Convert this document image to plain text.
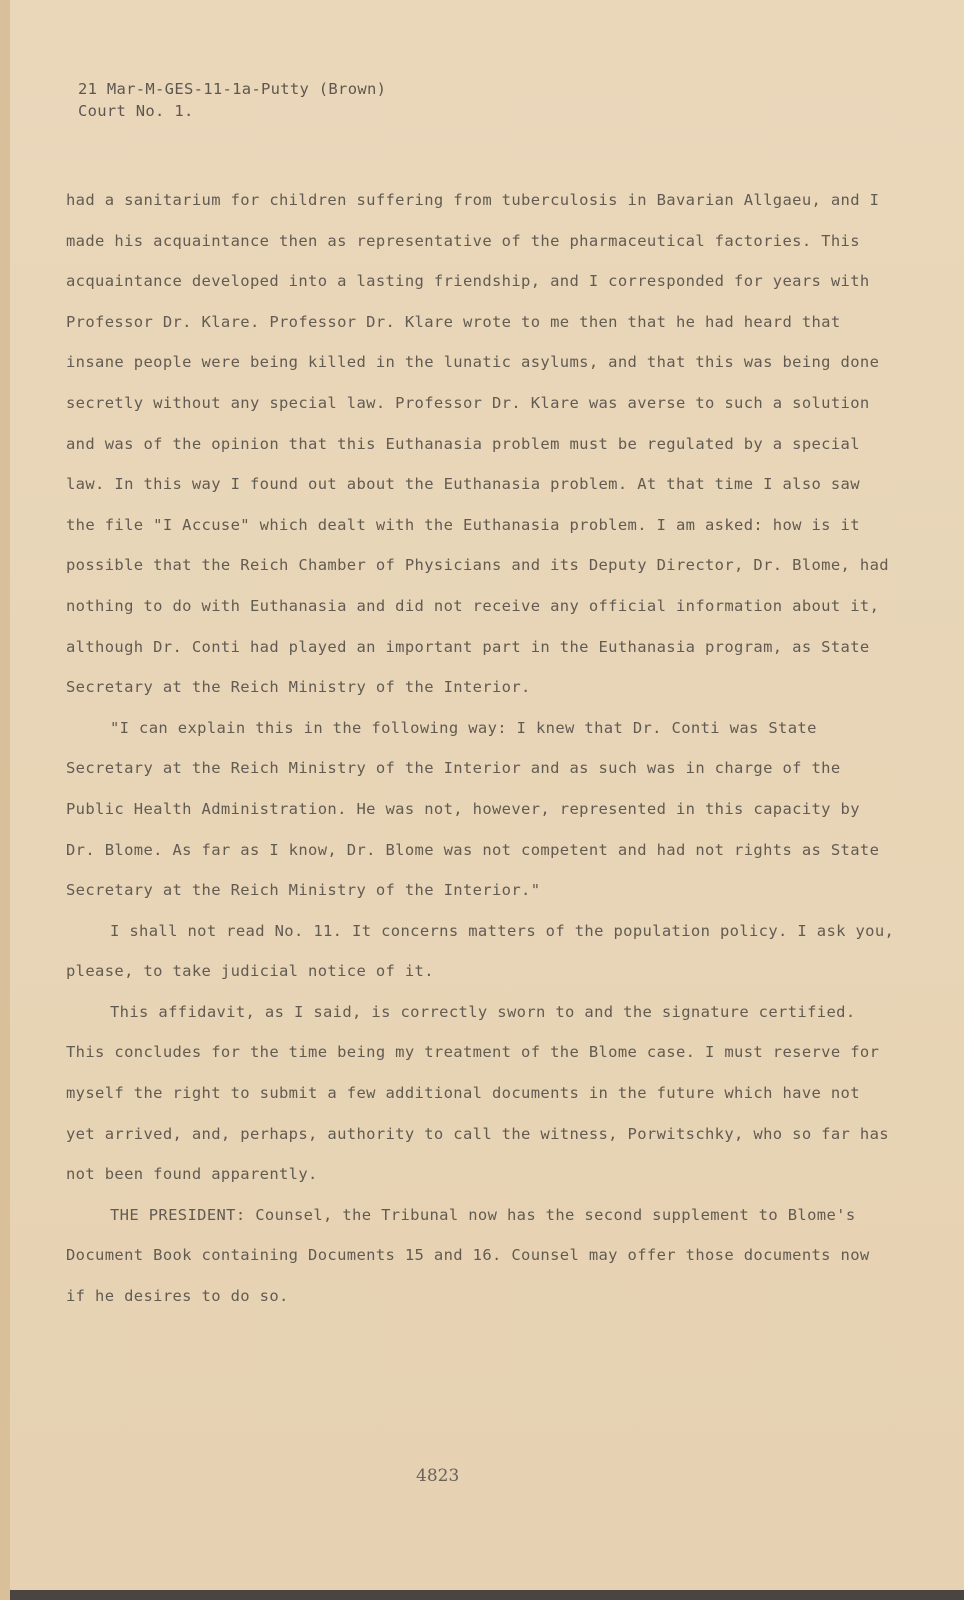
21 Mar-M-GES-11-1a-Putty (Brown)
Court No. 1.

had a sanitarium for children suffering from tuberculosis in Bavarian Allgaeu, and I made his acquaintance then as representative of the pharmaceutical factories. This acquaintance developed into a lasting friendship, and I corresponded for years with Professor Dr. Klare. Professor Dr. Klare wrote to me then that he had heard that insane people were being killed in the lunatic asylums, and that this was being done secretly without any special law. Professor Dr. Klare was averse to such a solution and was of the opinion that this Euthanasia problem must be regulated by a special law. In this way I found out about the Euthanasia problem. At that time I also saw the file "I Accuse" which dealt with the Euthanasia problem. I am asked: how is it possible that the Reich Chamber of Physicians and its Deputy Director, Dr. Blome, had nothing to do with Euthanasia and did not receive any official information about it, although Dr. Conti had played an important part in the Euthanasia program, as State Secretary at the Reich Ministry of the Interior.

"I can explain this in the following way: I knew that Dr. Conti was State Secretary at the Reich Ministry of the Interior and as such was in charge of the Public Health Administration. He was not, however, represented in this capacity by Dr. Blome. As far as I know, Dr. Blome was not competent and had not rights as State Secretary at the Reich Ministry of the Interior."

I shall not read No. 11. It concerns matters of the population policy. I ask you, please, to take judicial notice of it.

This affidavit, as I said, is correctly sworn to and the signature certified. This concludes for the time being my treatment of the Blome case. I must reserve for myself the right to submit a few additional documents in the future which have not yet arrived, and, perhaps, authority to call the witness, Porwitschky, who so far has not been found apparently.

THE PRESIDENT: Counsel, the Tribunal now has the second supplement to Blome's Document Book containing Documents 15 and 16. Counsel may offer those documents now if he desires to do so.

4823
